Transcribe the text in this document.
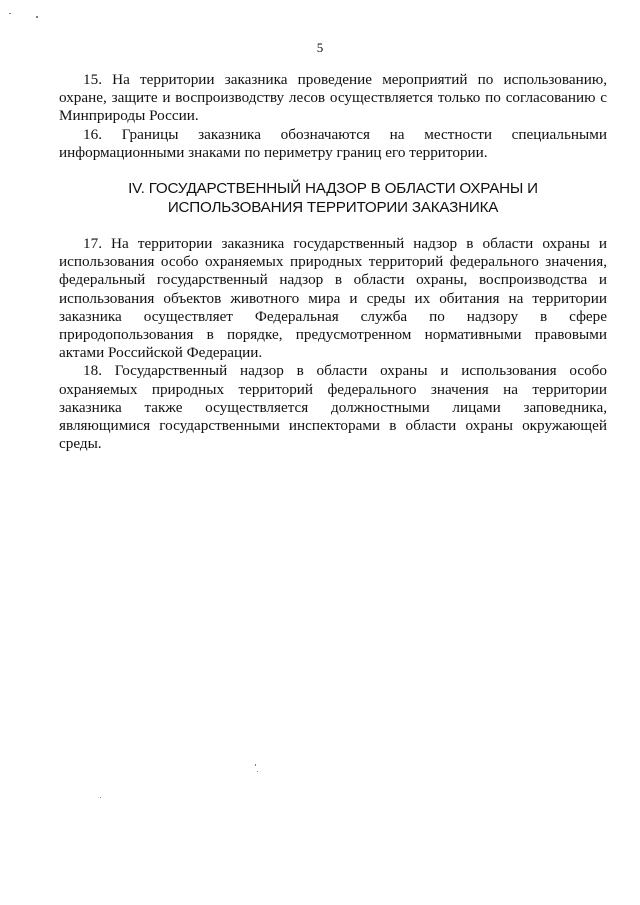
5

15. На территории заказника проведение мероприятий по использованию, охране, защите и воспроизводству лесов осуществляется только по согласованию с Минприроды России.

16. Границы заказника обозначаются на местности специальными информационными знаками по периметру границ его территории.

IV. ГОСУДАРСТВЕННЫЙ НАДЗОР В ОБЛАСТИ ОХРАНЫ И
ИСПОЛЬЗОВАНИЯ ТЕРРИТОРИИ ЗАКАЗНИКА

17. На территории заказника государственный надзор в области охраны и использования особо охраняемых природных территорий федерального значения, федеральный государственный надзор в области охраны, воспроизводства и использования объектов животного мира и среды их обитания на территории заказника осуществляет Федеральная служба по надзору в сфере природопользования в порядке, предусмотренном нормативными правовыми актами Российской Федерации.

18. Государственный надзор в области охраны и использования особо охраняемых природных территорий федерального значения на территории заказника также осуществляется должностными лицами заповедника, являющимися государственными инспекторами в области охраны окружающей среды.
